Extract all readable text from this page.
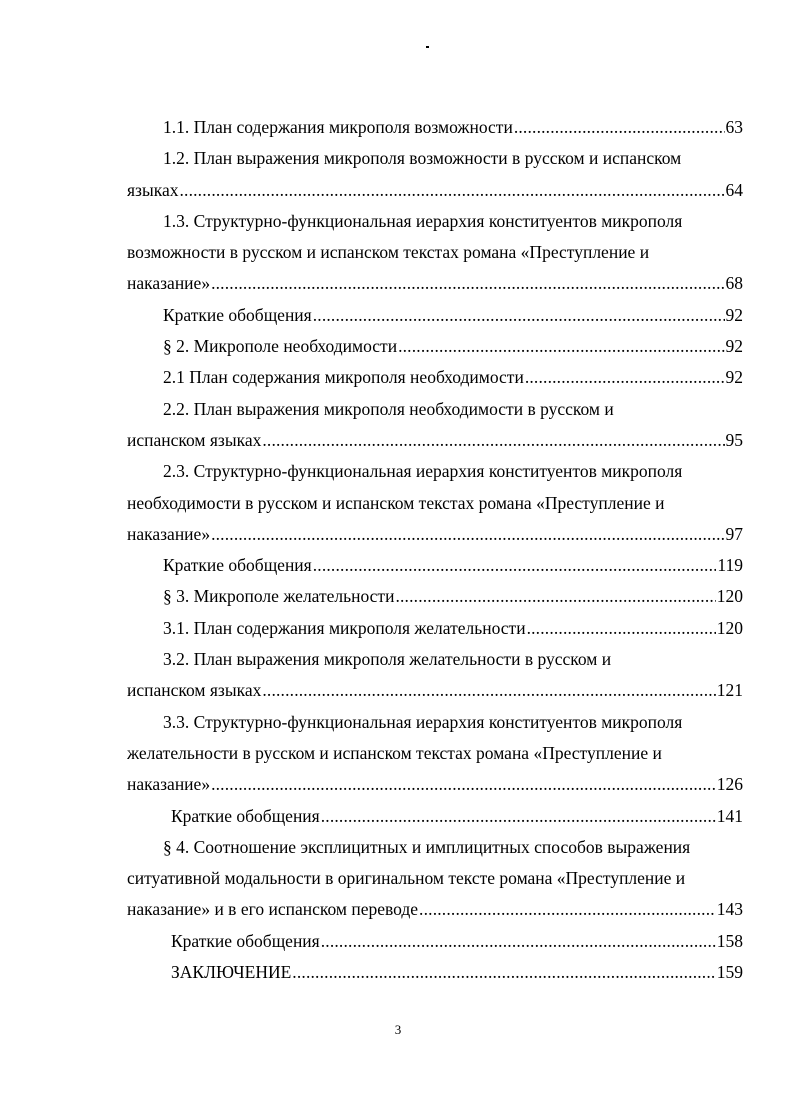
1.1. План содержания микрополя возможности . . .	63
1.2. План выражения микрополя возможности в русском и испанском
языках . . .	64
1.3. Структурно-функциональная иерархия конституентов микрополя
возможности в русском и испанском текстах романа «Преступление и
наказание» . . .	68
Краткие обобщения . . .	92
§ 2. Микрополе необходимости . . .	92
2.1 План содержания микрополя необходимости . . .	92
2.2. План выражения микрополя необходимости в русском и
испанском языках . . .	95
2.3. Структурно-функциональная иерархия конституентов микрополя
необходимости в русском и испанском текстах романа «Преступление и
наказание» . . .	97
Краткие обобщения . . .	119
§ 3. Микрополе желательности . . .	120
3.1. План содержания микрополя желательности . . .	120
3.2. План выражения микрополя желательности в русском и
испанском языках . . .	121
3.3. Структурно-функциональная иерархия конституентов микрополя
желательности в русском и испанском текстах романа «Преступление и
наказание» . . .	126
Краткие обобщения . . .	141
§ 4. Соотношение эксплицитных и имплицитных способов выражения
ситуативной модальности в оригинальном тексте романа «Преступление и
наказание» и в его испанском переводе . . .	143
Краткие обобщения . . .	158
ЗАКЛЮЧЕНИЕ . . .	159
3
